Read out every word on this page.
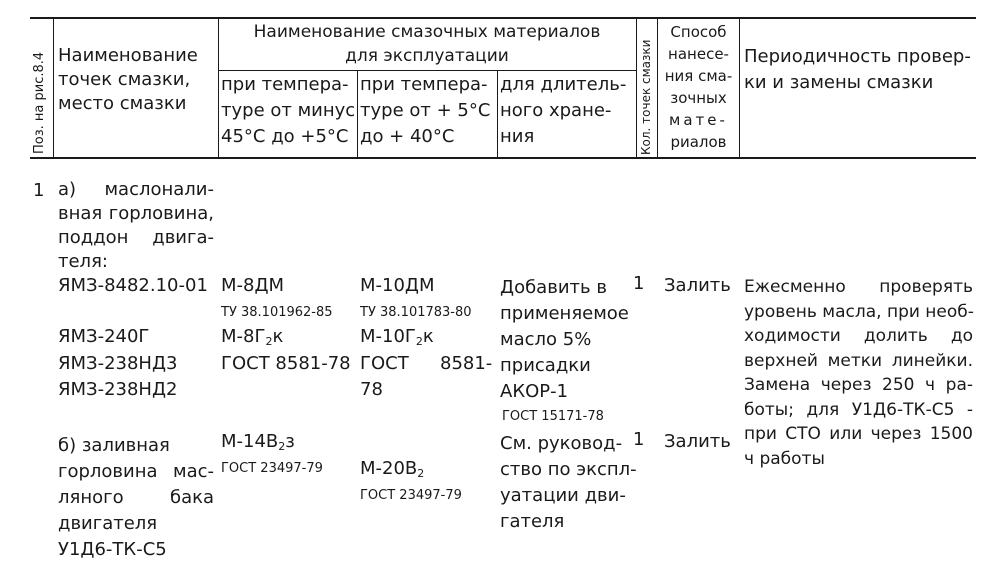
Поз. на рис.8.4 Наименование
точек смазки,
место смазки
Наименование смазочных материалов
для эксплуатации
при темпера-
туре от минус
45°С до +5°С
при темпера-
туре от + 5°С
до + 40°С
для длитель-
ного хране-
ния	Кол. точек смазки
Способ
нанесе-
ния сма-
зочных
мате-
риалов
Периодичность провер-
ки и замены смазки
1 а) маслонали-
вная горловина,
поддон двига-
теля:
ЯМЗ-8482.10-01
ЯМЗ-240Г
ЯМЗ-238НД3
ЯМЗ-238НД2
М-8ДМ
ТУ 38.101962-85
$М-8Г_2к$
ГОСТ 8581-78
М-10ДМ
ТУ 38.101783-80
$М-10Г_2к$
ГОСТ 8581-
78
Добавить в
применяемое
масло 5%
присадки
АКОР-1
ГОСТ 15171-78
1 Залить Ежесменно проверять
уровень масла, при необ-
ходимости долить до
верхней метки линейки.
Замена через 250 ч ра-
боты; для У1Д6-ТК-С5 -
при СТО или через 1500
ч работы
б) заливная
горловина мас-
ляного бака
двигателя
У1Д6-ТК-С5
$М-14В_2з$
ГОСТ 23497-79 $М-20В_2$
ГОСТ 23497-79
См. руковод-
ство по экспл-
уатации дви-
гателя
1 Залить
